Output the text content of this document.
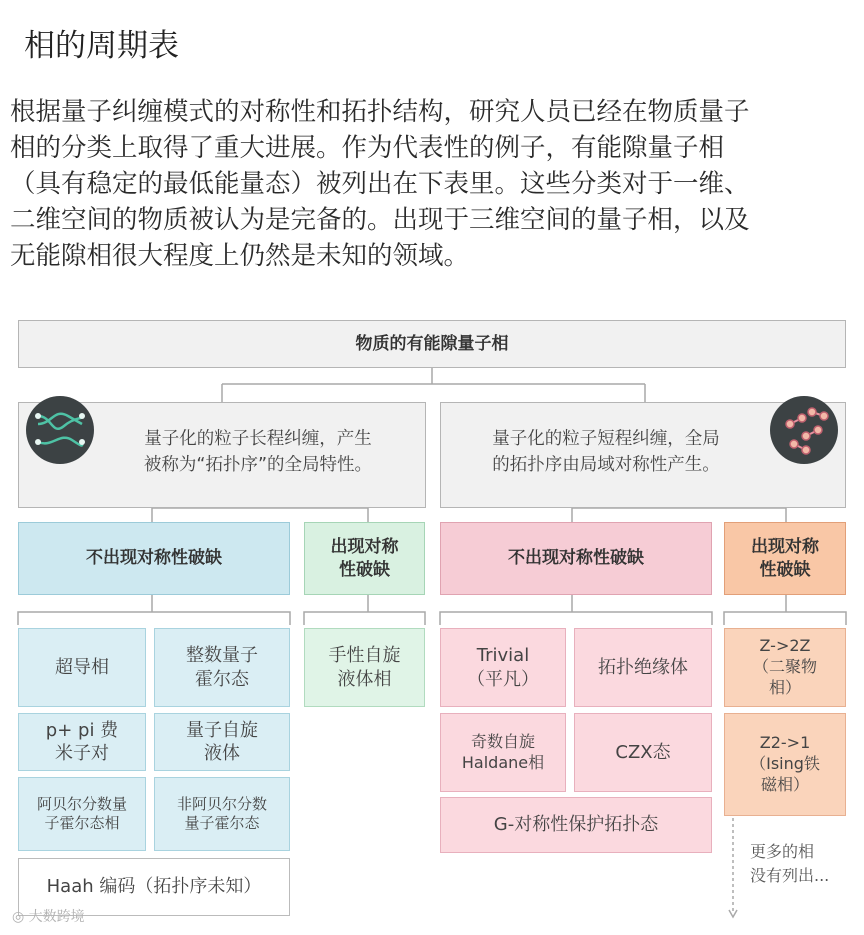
相的周期表

根据量子纠缠模式的对称性和拓扑结构，研究人员已经在物质量子
相的分类上取得了重大进展。作为代表性的例子，有能隙量子相
（具有稳定的最低能量态）被列出在下表里。这些分类对于一维、
二维空间的物质被认为是完备的。出现于三维空间的量子相，以及
无能隙相很大程度上仍然是未知的领域。

物质的有能隙量子相
量子化的粒子长程纠缠，产生
被称为“拓扑序”的全局特性。
量子化的粒子短程纠缠，全局
的拓扑序由局域对称性产生。
不出现对称性破缺
出现对称
性破缺
不出现对称性破缺
出现对称
性破缺
超导相
整数量子
霍尔态
p+ pi 费
米子对
量子自旋
液体
阿贝尔分数量
子霍尔态相
非阿贝尔分数
量子霍尔态
Haah 编码（拓扑序未知）
手性自旋
液体相
Trivial
（平凡）
拓扑绝缘体
奇数自旋
Haldane相	CZX态
G-对称性保护拓扑态
Z->2Z
（二聚物
相）
Z2->1
（Ising铁
磁相）
更多的相
没有列出...
◎ 大数跨境
